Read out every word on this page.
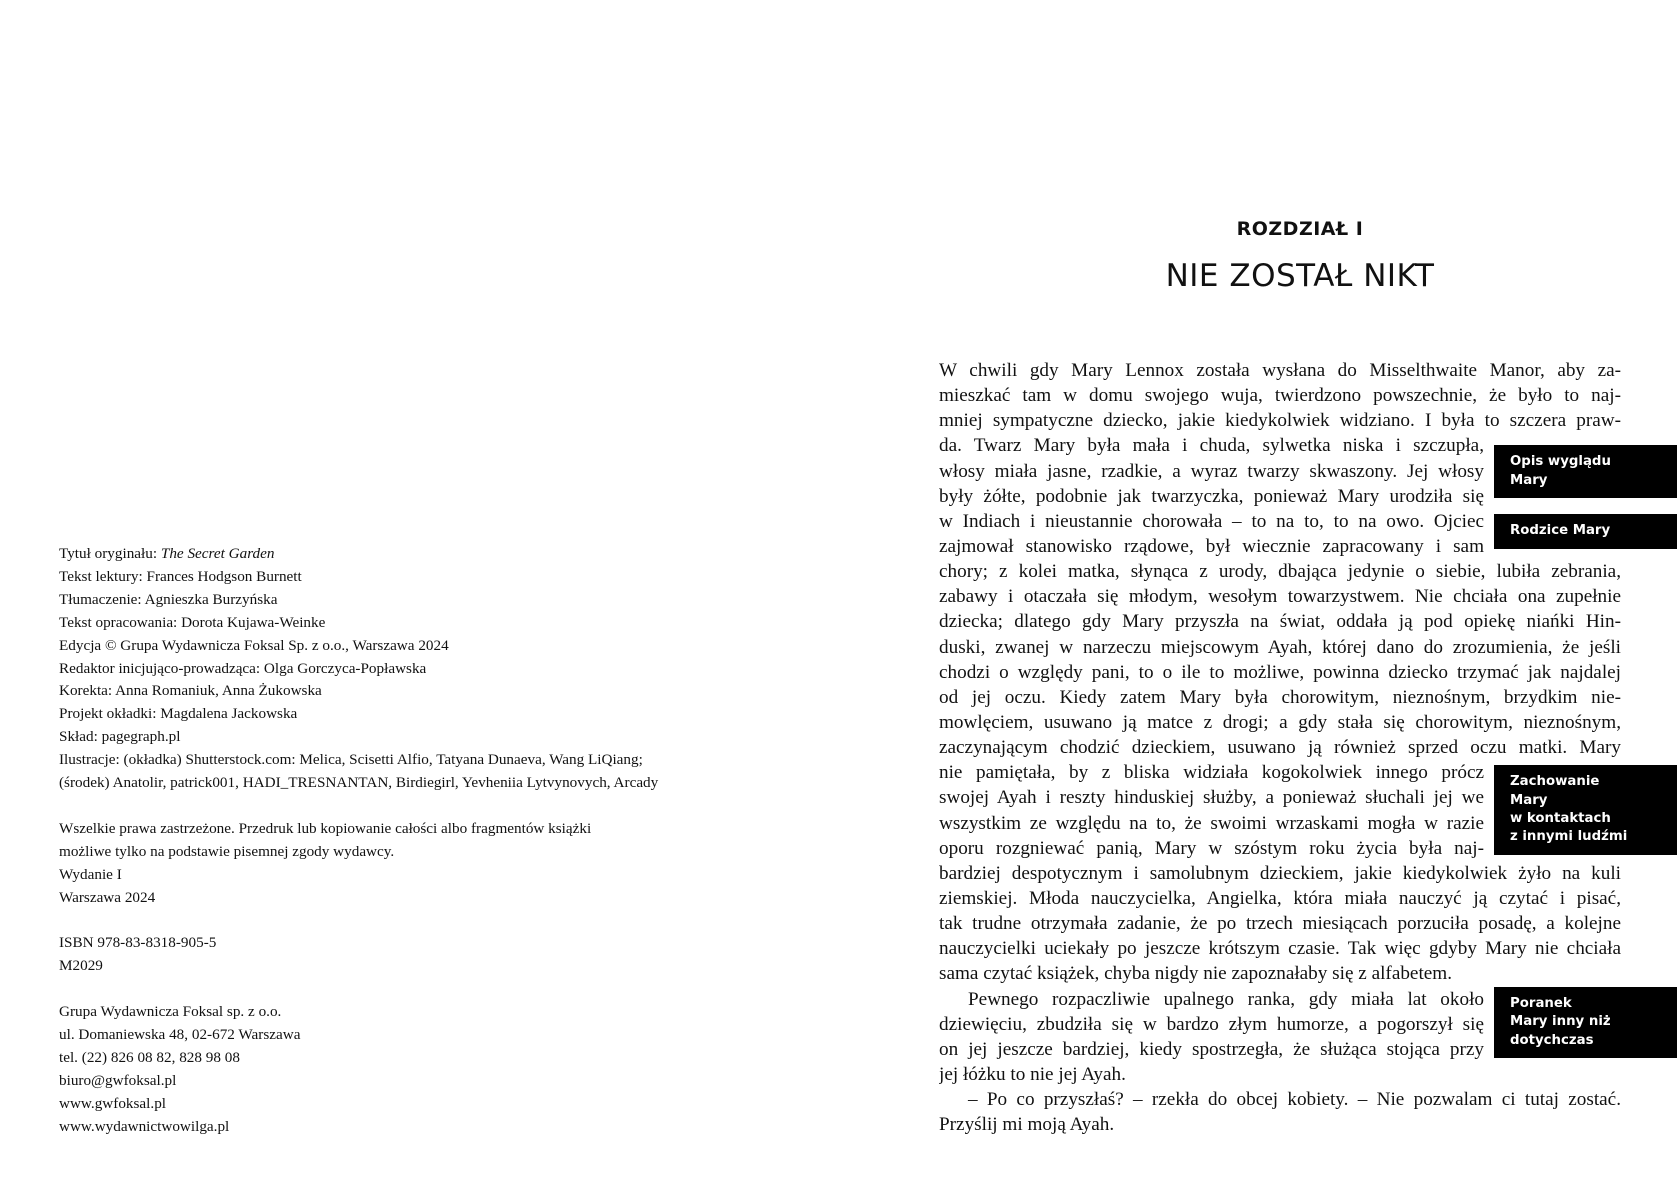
Tytuł oryginału: The Secret Garden
Tekst lektury: Frances Hodgson Burnett
Tłumaczenie: Agnieszka Burzyńska
Tekst opracowania: Dorota Kujawa-Weinke
Edycja © Grupa Wydawnicza Foksal Sp. z o.o., Warszawa 2024
Redaktor inicjująco-prowadząca: Olga Gorczyca-Popławska
Korekta: Anna Romaniuk, Anna Żukowska
Projekt okładki: Magdalena Jackowska
Skład: pagegraph.pl
Ilustracje: (okładka) Shutterstock.com: Melica, Scisetti Alfio, Tatyana Dunaeva, Wang LiQiang;
(środek) Anatolir, patrick001, HADI_TRESNANTAN, Birdiegirl, Yevheniia Lytvynovych, Arcady
Wszelkie prawa zastrzeżone. Przedruk lub kopiowanie całości albo fragmentów książki
możliwe tylko na podstawie pisemnej zgody wydawcy.
Wydanie I
Warszawa 2024
ISBN 978-83-8318-905-5
M2029
Grupa Wydawnicza Foksal sp. z o.o.
ul. Domaniewska 48, 02-672 Warszawa
tel. (22) 826 08 82, 828 98 08
biuro@gwfoksal.pl
www.gwfoksal.pl
www.wydawnictwowilga.pl
ROZDZIAŁ I
NIE ZOSTAŁ NIKT
W chwili gdy Mary Lennox została wysłana do Misselthwaite Manor, aby za-
mieszkać tam w domu swojego wuja, twierdzono powszechnie, że było to naj-
mniej sympatyczne dziecko, jakie kiedykolwiek widziano. I była to szczera praw-
da. Twarz Mary była mała i chuda, sylwetka niska i szczupła,
włosy miała jasne, rzadkie, a wyraz twarzy skwaszony. Jej włosy
były żółte, podobnie jak twarzyczka, ponieważ Mary urodziła się
w Indiach i nieustannie chorowała – to na to, to na owo. Ojciec
zajmował stanowisko rządowe, był wiecznie zapracowany i sam
chory; z kolei matka, słynąca z urody, dbająca jedynie o siebie, lubiła zebrania,
zabawy i otaczała się młodym, wesołym towarzystwem. Nie chciała ona zupełnie
dziecka; dlatego gdy Mary przyszła na świat, oddała ją pod opiekę niańki Hin-
duski, zwanej w narzeczu miejscowym Ayah, której dano do zrozumienia, że jeśli
chodzi o względy pani, to o ile to możliwe, powinna dziecko trzymać jak najdalej
od jej oczu. Kiedy zatem Mary była chorowitym, nieznośnym, brzydkim nie-
mowlęciem, usuwano ją matce z drogi; a gdy stała się chorowitym, nieznośnym,
zaczynającym chodzić dzieckiem, usuwano ją również sprzed oczu matki. Mary
nie pamiętała, by z bliska widziała kogokolwiek innego prócz
swojej Ayah i reszty hinduskiej służby, a ponieważ słuchali jej we
wszystkim ze względu na to, że swoimi wrzaskami mogła w razie
oporu rozgniewać panią, Mary w szóstym roku życia była naj-
bardziej despotycznym i samolubnym dzieckiem, jakie kiedykolwiek żyło na kuli
ziemskiej. Młoda nauczycielka, Angielka, która miała nauczyć ją czytać i pisać,
tak trudne otrzymała zadanie, że po trzech miesiącach porzuciła posadę, a kolejne
nauczycielki uciekały po jeszcze krótszym czasie. Tak więc gdyby Mary nie chciała
sama czytać książek, chyba nigdy nie zapoznałaby się z alfabetem.
Pewnego rozpaczliwie upalnego ranka, gdy miała lat około
dziewięciu, zbudziła się w bardzo złym humorze, a pogorszył się
on jej jeszcze bardziej, kiedy spostrzegła, że służąca stojąca przy
jej łóżku to nie jej Ayah.
– Po co przyszłaś? – rzekła do obcej kobiety. – Nie pozwalam ci tutaj zostać.
Przyślij mi moją Ayah.
Opis wyglądu
Mary
Rodzice Mary
Zachowanie
Mary
w kontaktach
z innymi ludźmi
Poranek
Mary inny niż
dotychczas
